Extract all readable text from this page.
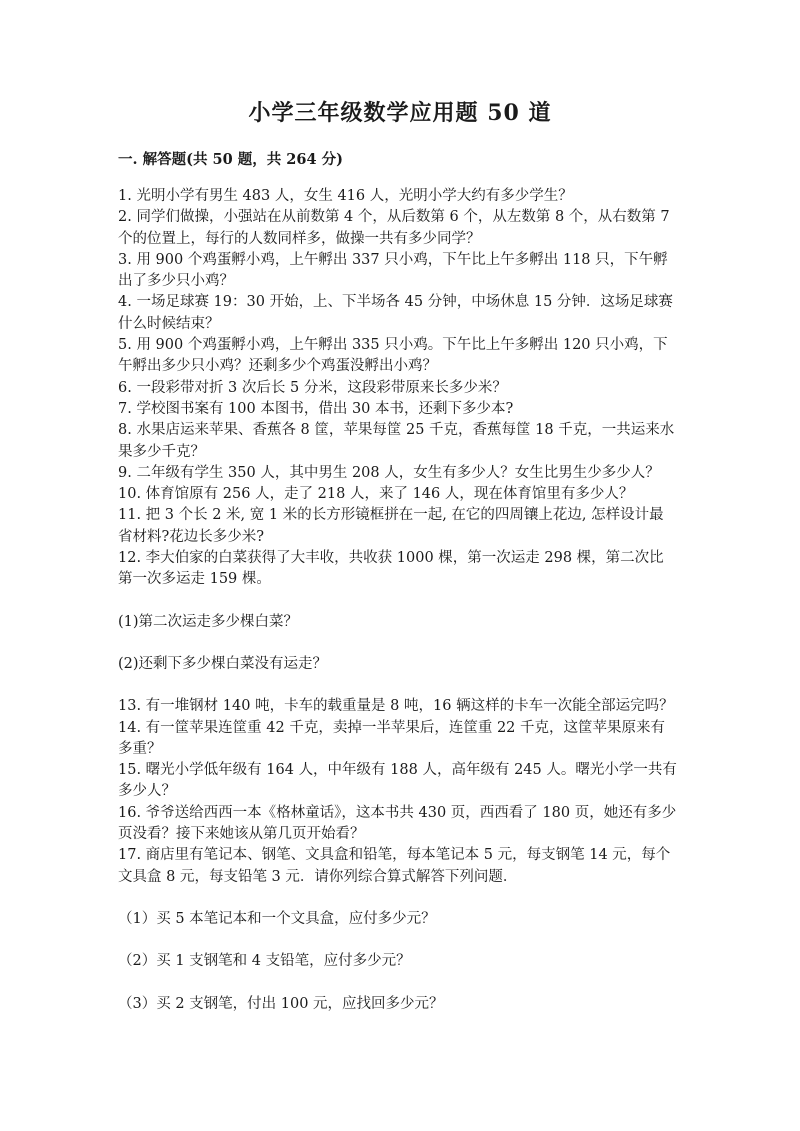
小学三年级数学应用题 50 道
一. 解答题(共 50 题，共 264 分)

1. 光明小学有男生 483 人，女生 416 人，光明小学大约有多少学生？

2. 同学们做操，小强站在从前数第 4 个，从后数第 6 个，从左数第 8 个，从右数第 7 个的位置上，每行的人数同样多，做操一共有多少同学？

3. 用 900 个鸡蛋孵小鸡，上午孵出 337 只小鸡，下午比上午多孵出 118 只，下午孵出了多少只小鸡？

4. 一场足球赛 19：30 开始，上、下半场各 45 分钟，中场休息 15 分钟．这场足球赛什么时候结束？

5. 用 900 个鸡蛋孵小鸡，上午孵出 335 只小鸡。下午比上午多孵出 120 只小鸡，下午孵出多少只小鸡？还剩多少个鸡蛋没孵出小鸡？

6. 一段彩带对折 3 次后长 5 分米，这段彩带原来长多少米？

7. 学校图书案有 100 本图书，借出 30 本书，还剩下多少本?

8. 水果店运来苹果、香蕉各 8 筐，苹果每筐 25 千克，香蕉每筐 18 千克，一共运来水果多少千克？

9. 二年级有学生 350 人，其中男生 208 人，女生有多少人？女生比男生少多少人？

10. 体育馆原有 256 人，走了 218 人，来了 146 人，现在体育馆里有多少人？

11. 把 3 个长 2 米, 宽 1 米的长方形镜框拼在一起, 在它的四周镶上花边, 怎样设计最省材料?花边长多少米?

12. 李大伯家的白菜获得了大丰收，共收获 1000 棵，第一次运走 298 棵，第二次比第一次多运走 159 棵。

(1)第二次运走多少棵白菜？

(2)还剩下多少棵白菜没有运走？

13. 有一堆钢材 140 吨，卡车的载重量是 8 吨，16 辆这样的卡车一次能全部运完吗？

14. 有一筐苹果连筐重 42 千克，卖掉一半苹果后，连筐重 22 千克，这筐苹果原来有多重？

15. 曙光小学低年级有 164 人，中年级有 188 人，高年级有 245 人。曙光小学一共有多少人？

16. 爷爷送给西西一本《格林童话》，这本书共 430 页，西西看了 180 页，她还有多少页没看？接下来她该从第几页开始看？

17. 商店里有笔记本、钢笔、文具盒和铅笔，每本笔记本 5 元，每支钢笔 14 元，每个文具盒 8 元，每支铅笔 3 元．请你列综合算式解答下列问题．

（1）买 5 本笔记本和一个文具盒，应付多少元？

（2）买 1 支钢笔和 4 支铅笔，应付多少元？

（3）买 2 支钢笔，付出 100 元，应找回多少元？
